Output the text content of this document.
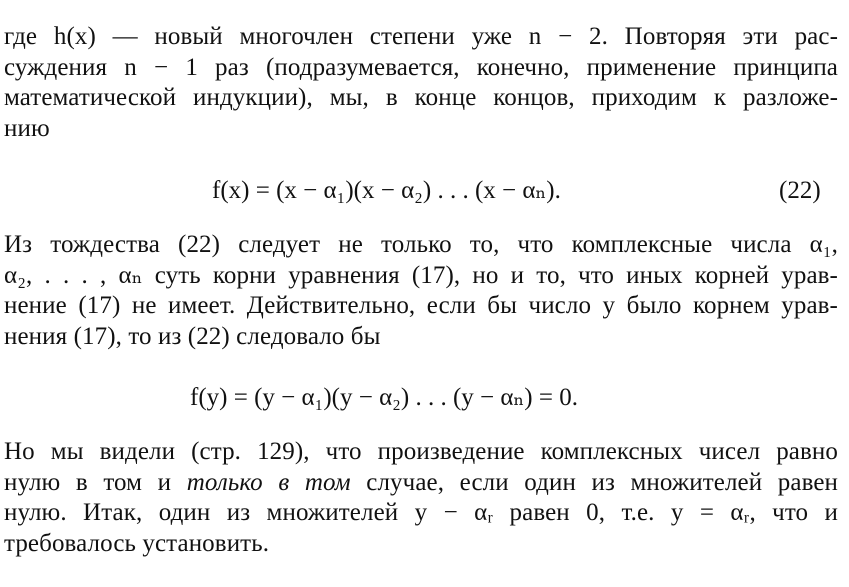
где h(x) — новый многочлен степени уже n − 2. Повторяя эти рас-
суждения n − 1 раз (подразумевается, конечно, применение принципа
математической индукции), мы, в конце концов, приходим к разложе-
нию
f(x) = (x − α₁)(x − α₂) . . . (x − αₙ).	(22)
Из тождества (22) следует не только то, что комплексные числа α₁,
α₂, . . . , αₙ суть корни уравнения (17), но и то, что иных корней урав-
нение (17) не имеет. Действительно, если бы число y было корнем урав-
нения (17), то из (22) следовало бы
f(y) = (y − α₁)(y − α₂) . . . (y − αₙ) = 0.
Но мы видели (стр. 129), что произведение комплексных чисел равно
нулю в том и только в том случае, если один из множителей равен
нулю. Итак, один из множителей y − αᵣ равен 0, т.е. y = αᵣ, что и
требовалось установить.
